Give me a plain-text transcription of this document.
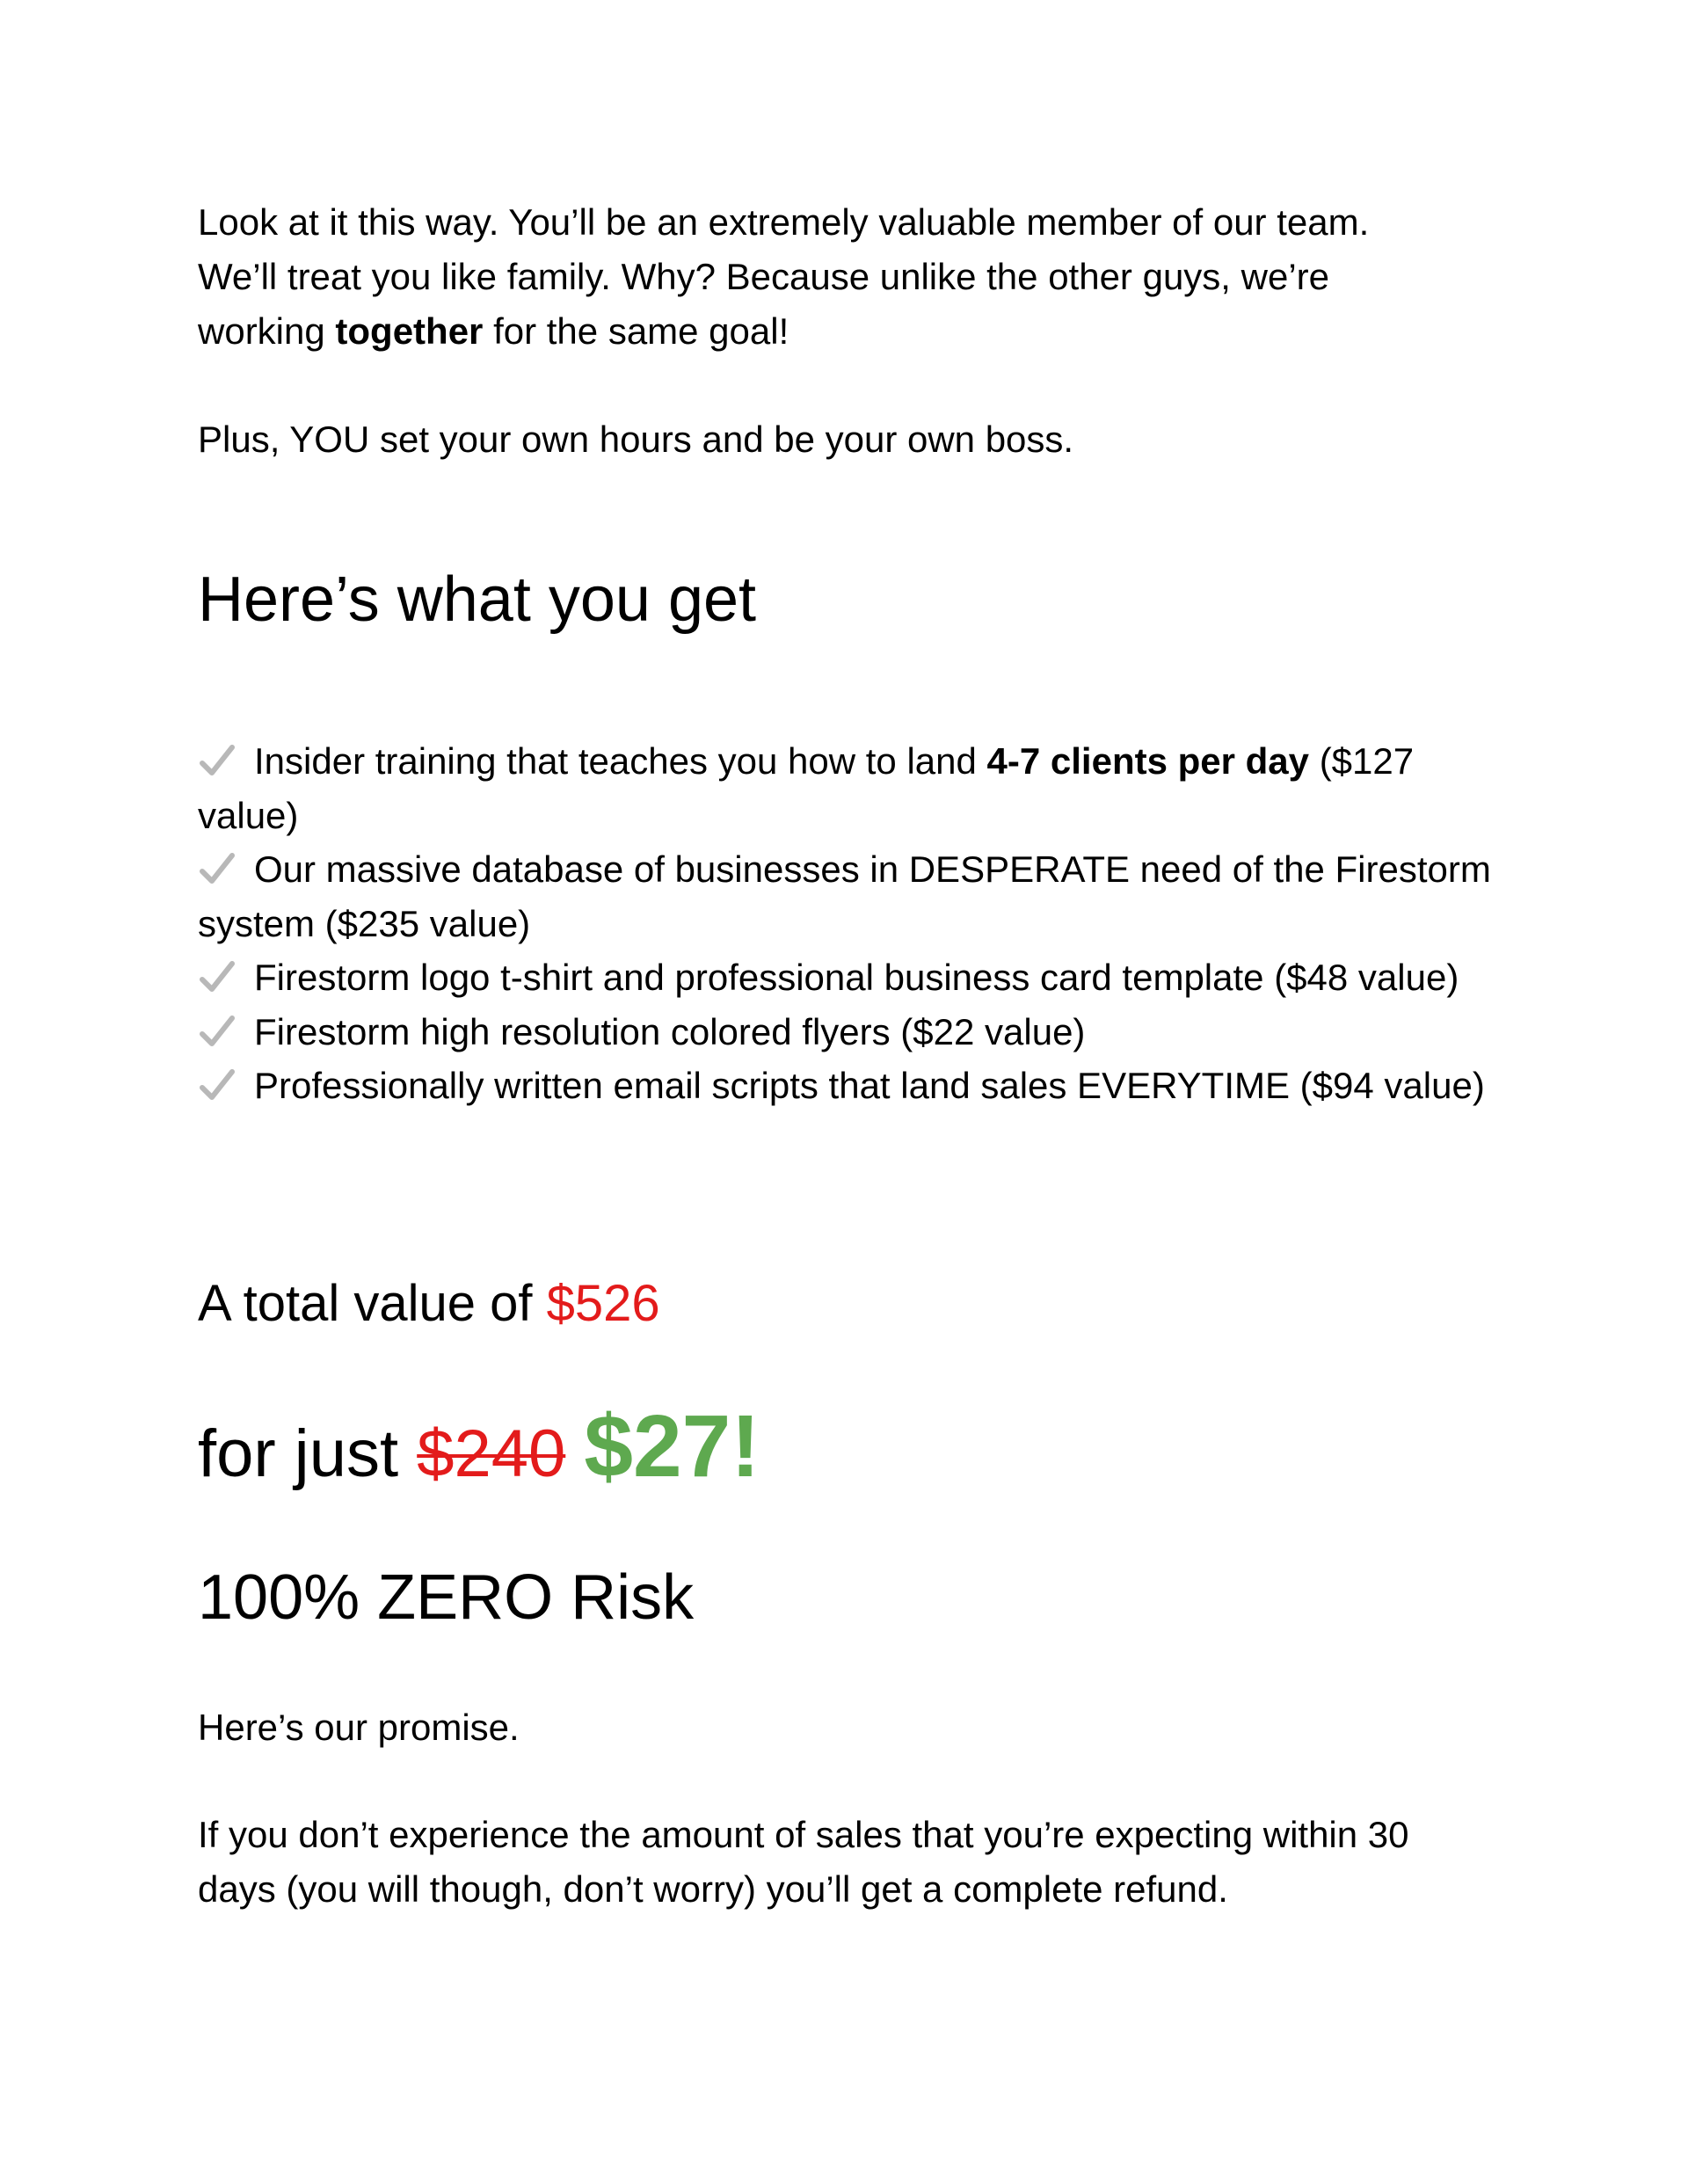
Look at it this way. You’ll be an extremely valuable member of our team.
We’ll treat you like family. Why? Because unlike the other guys, we’re
working together for the same goal!

Plus, YOU set your own hours and be your own boss.

Here’s what you get
Insider training that teaches you how to land 4-7 clients per day ($127 value)
Our massive database of businesses in DESPERATE need of the Firestorm system ($235 value)
Firestorm logo t-shirt and professional business card template ($48 value)
Firestorm high resolution colored flyers ($22 value)
Professionally written email scripts that land sales EVERYTIME ($94 value)

A total value of $526

for just $240 $27!

100% ZERO Risk

Here’s our promise.

If you don’t experience the amount of sales that you’re expecting within 30
days (you will though, don’t worry) you’ll get a complete refund.
